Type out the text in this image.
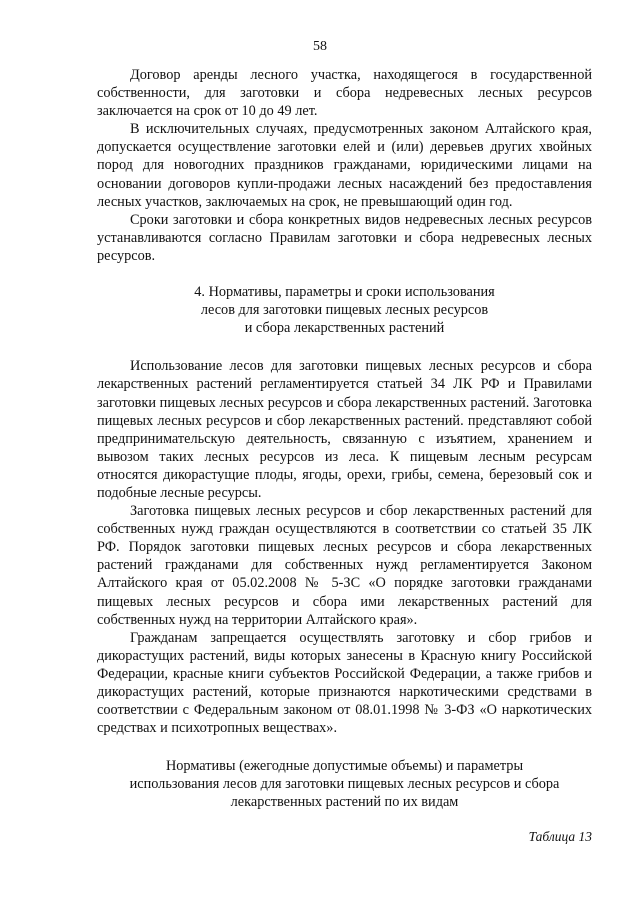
58

Договор аренды лесного участка, находящегося в государственной собственности, для заготовки и сбора недревесных лесных ресурсов заключается на срок от 10 до 49 лет.

В исключительных случаях, предусмотренных законом Алтайского края, допускается осуществление заготовки елей и (или) деревьев других хвойных пород для новогодних праздников гражданами, юридическими лицами на основании договоров купли-продажи лесных насаждений без предоставления лесных участков, заключаемых на срок, не превышающий один год.

Сроки заготовки и сбора конкретных видов недревесных лесных ресурсов устанавливаются согласно Правилам заготовки и сбора недревесных лесных ресурсов.

4. Нормативы, параметры и сроки использования

лесов для заготовки пищевых лесных ресурсов

и сбора лекарственных растений

Использование лесов для заготовки пищевых лесных ресурсов и сбора лекарственных растений регламентируется статьей 34 ЛК РФ и Правилами заготовки пищевых лесных ресурсов и сбора лекарственных растений. Заготовка пищевых лесных ресурсов и сбор лекарственных растений. представляют собой предпринимательскую деятельность, связанную с изъятием, хранением и вывозом таких лесных ресурсов из леса. К пищевым лесным ресурсам относятся дикорастущие плоды, ягоды, орехи, грибы, семена, березовый сок и подобные лесные ресурсы.

Заготовка пищевых лесных ресурсов и сбор лекарственных растений для собственных нужд граждан осуществляются в соответствии со статьей 35 ЛК РФ. Порядок заготовки пищевых лесных ресурсов и сбора лекарственных растений гражданами для собственных нужд регламентируется Законом Алтайского края от 05.02.2008 № 5-ЗС «О порядке заготовки гражданами пищевых лесных ресурсов и сбора ими лекарственных растений для собственных нужд на территории Алтайского края».

Гражданам запрещается осуществлять заготовку и сбор грибов и дикорастущих растений, виды которых занесены в Красную книгу Российской Федерации, красные книги субъектов Российской Федерации, а также грибов и дикорастущих растений, которые признаются наркотическими средствами в соответствии с Федеральным законом от 08.01.1998 № 3-ФЗ «О наркотических средствах и психотропных веществах».

Нормативы (ежегодные допустимые объемы) и параметры

использования лесов для заготовки пищевых лесных ресурсов и сбора

лекарственных растений по их видам

Таблица 13
